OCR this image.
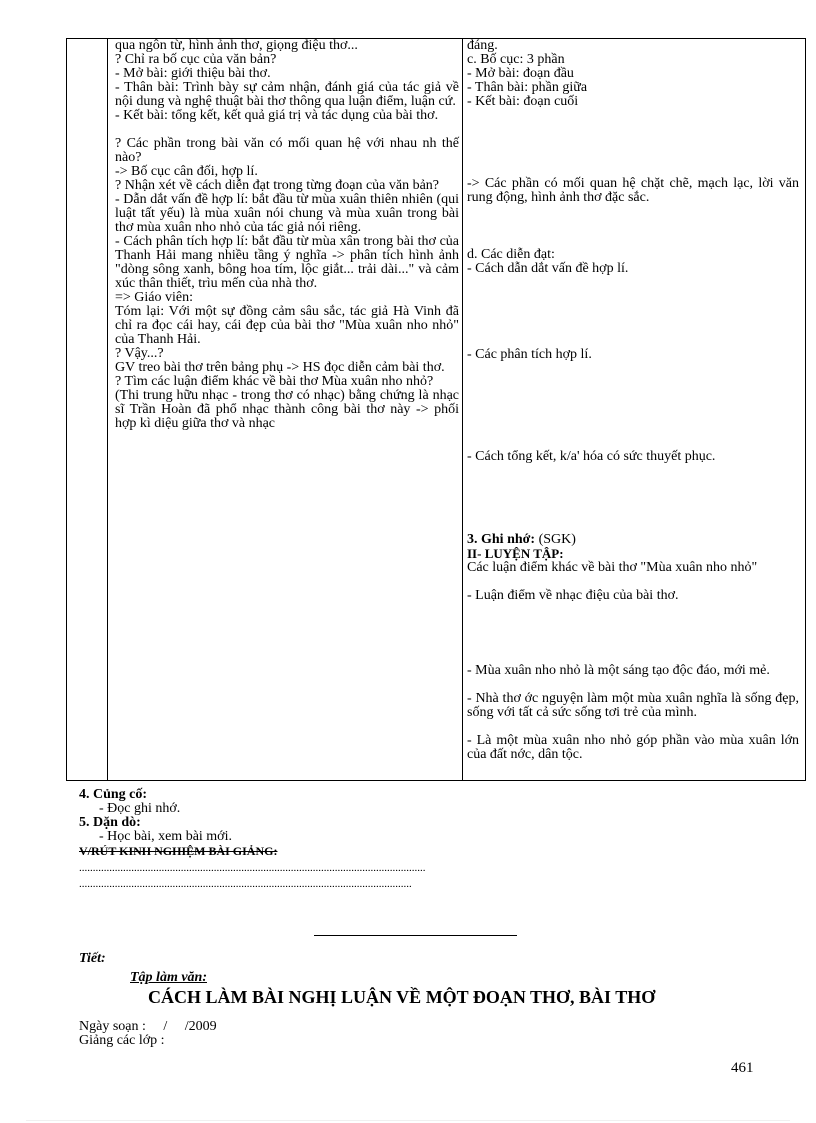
qua ngôn từ, hình ảnh thơ, giọng điệu thơ...

? Chỉ ra bố cục của văn bản?

- Mở bài: giới thiệu bài thơ.

- Thân bài: Trình bày sự cảm nhận, đánh giá của tác giả về nội dung và nghệ thuật bài thơ thông qua luận điểm, luận cứ.

- Kết bài: tổng kết, kết quả giá trị và tác dụng của bài thơ.

? Các phần trong bài văn có mối quan hệ với nhau nh thế nào?

-> Bố cục cân đối, hợp lí.

? Nhận xét về cách diễn đạt trong từng đoạn của văn bản?

- Dẫn dắt vấn đề hợp lí: bắt đầu từ mùa xuân thiên nhiên (qui luật tất yếu) là mùa xuân nói chung và mùa xuân trong bài thơ mùa xuân nho nhỏ của tác giả nói riêng.

- Cách phân tích hợp lí: bắt đầu từ mùa xân trong bài thơ của Thanh Hải mang nhiều tầng ý nghĩa -> phân tích hình ảnh "dòng sông xanh, bông hoa tím, lộc giắt... trải dài..." và cảm xúc thân thiết, trìu mến của nhà thơ.

=> Giáo viên:

Tóm lại: Với một sự đồng cảm sâu sắc, tác giả Hà Vinh đã chỉ ra đọc cái hay, cái đẹp của bài thơ "Mùa xuân nho nhỏ" của Thanh Hải.

? Vậy...?

GV treo bài thơ trên bảng phụ -> HS đọc diễn cảm bài thơ.

? Tìm các luận điểm khác về bài thơ Mùa xuân nho nhỏ?

(Thi trung hữu nhạc - trong thơ có nhạc) bằng chứng là nhạc sĩ Trần Hoàn đã phổ nhạc thành công bài thơ này -> phối hợp kì diệu giữa thơ và nhạc

đáng.

c. Bố cục: 3 phần

- Mở bài: đoạn đầu

- Thân bài: phần giữa

- Kết bài: đoạn cuối

-> Các phần có mối quan hệ chặt chẽ, mạch lạc, lời văn rung động, hình ảnh thơ đặc sắc.

d. Các diễn đạt:

- Cách dẫn dắt vấn đề hợp lí.

- Các phân tích hợp lí.

- Cách tổng kết, k/a' hóa có sức thuyết phục.

3. Ghi nhớ: (SGK)

II- LUYỆN TẬP:

Các luận điểm khác về bài thơ "Mùa xuân nho nhỏ"

- Luận điểm về nhạc điệu của bài thơ.

- Mùa xuân nho nhỏ là một sáng tạo độc đáo, mới mẻ.

- Nhà thơ ớc nguyện làm một mùa xuân nghĩa là sống đẹp, sống với tất cả sức sống tơi trẻ của mình.

- Là một mùa xuân nho nhỏ góp phần vào mùa xuân lớn của đất nớc, dân tộc.

4. Củng cố:

- Đọc ghi nhớ.

5. Dặn dò:

- Học bài, xem bài mới.

V/RÚT KINH NGHIỆM BÀI GIẢNG:

..............................................................................................................................

.........................................................................................................................

Tiết:

Tập làm văn:

CÁCH LÀM BÀI NGHỊ LUẬN VỀ MỘT ĐOẠN THƠ, BÀI THƠ

Ngày soạn :     /     /2009

Giảng các lớp :

461
